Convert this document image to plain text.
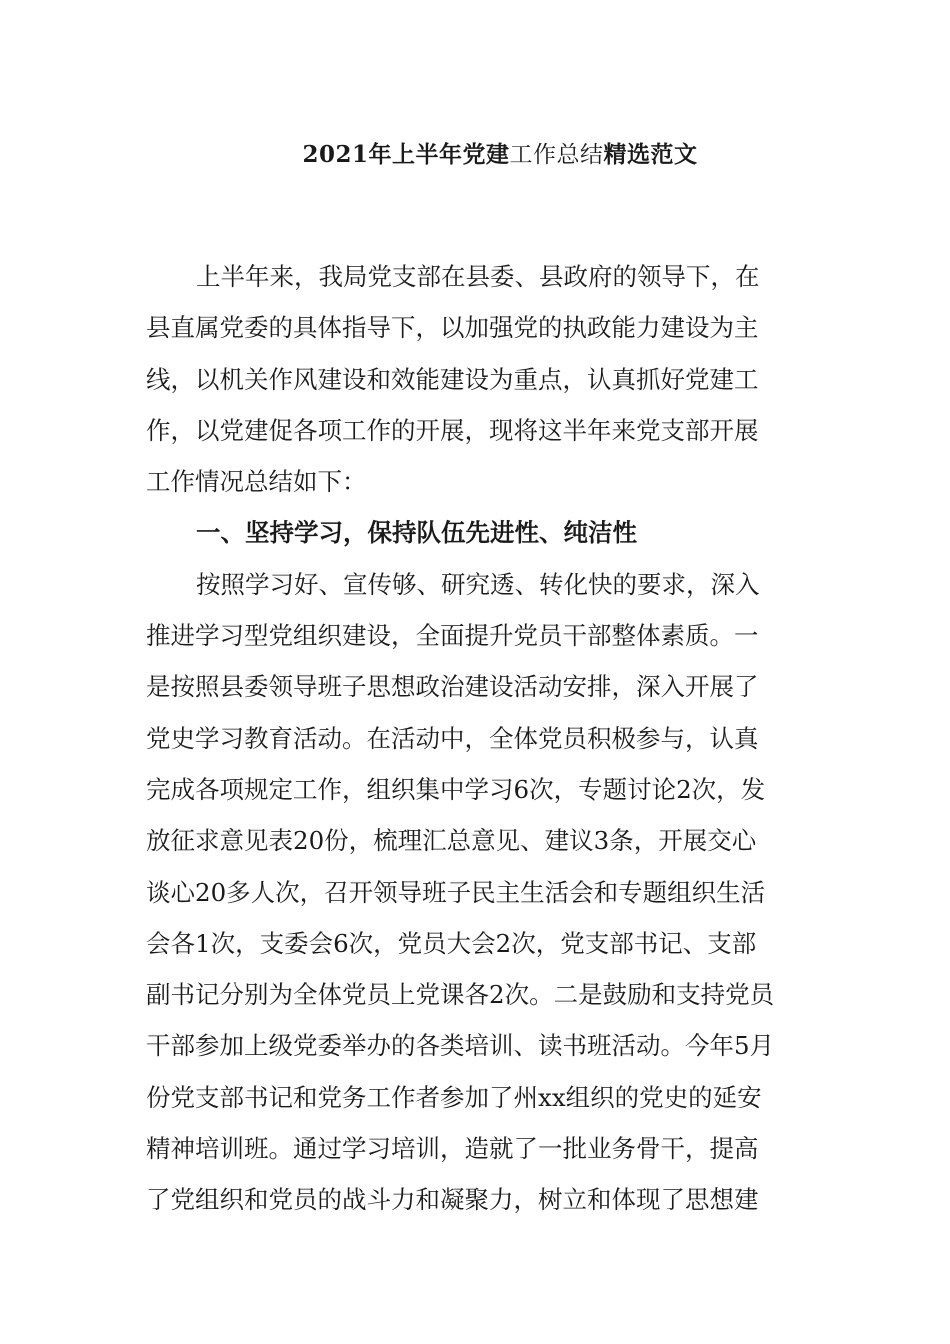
2021年上半年党建工作总结精选范文
上半年来，我局党支部在县委、县政府的领导下，在
县直属党委的具体指导下，以加强党的执政能力建设为主
线，以机关作风建设和效能建设为重点，认真抓好党建工
作，以党建促各项工作的开展，现将这半年来党支部开展
工作情况总结如下：
一、坚持学习，保持队伍先进性、纯洁性
按照学习好、宣传够、研究透、转化快的要求，深入
推进学习型党组织建设，全面提升党员干部整体素质。一
是按照县委领导班子思想政治建设活动安排，深入开展了
党史学习教育活动。在活动中，全体党员积极参与，认真
完成各项规定工作，组织集中学习6次，专题讨论2次，发
放征求意见表20份，梳理汇总意见、建议3条，开展交心
谈心20多人次，召开领导班子民主生活会和专题组织生活
会各1次，支委会6次，党员大会2次，党支部书记、支部
副书记分别为全体党员上党课各2次。二是鼓励和支持党员
干部参加上级党委举办的各类培训、读书班活动。今年5月
份党支部书记和党务工作者参加了州xx组织的党史的延安
精神培训班。通过学习培训，造就了一批业务骨干，提高
了党组织和党员的战斗力和凝聚力，树立和体现了思想建
